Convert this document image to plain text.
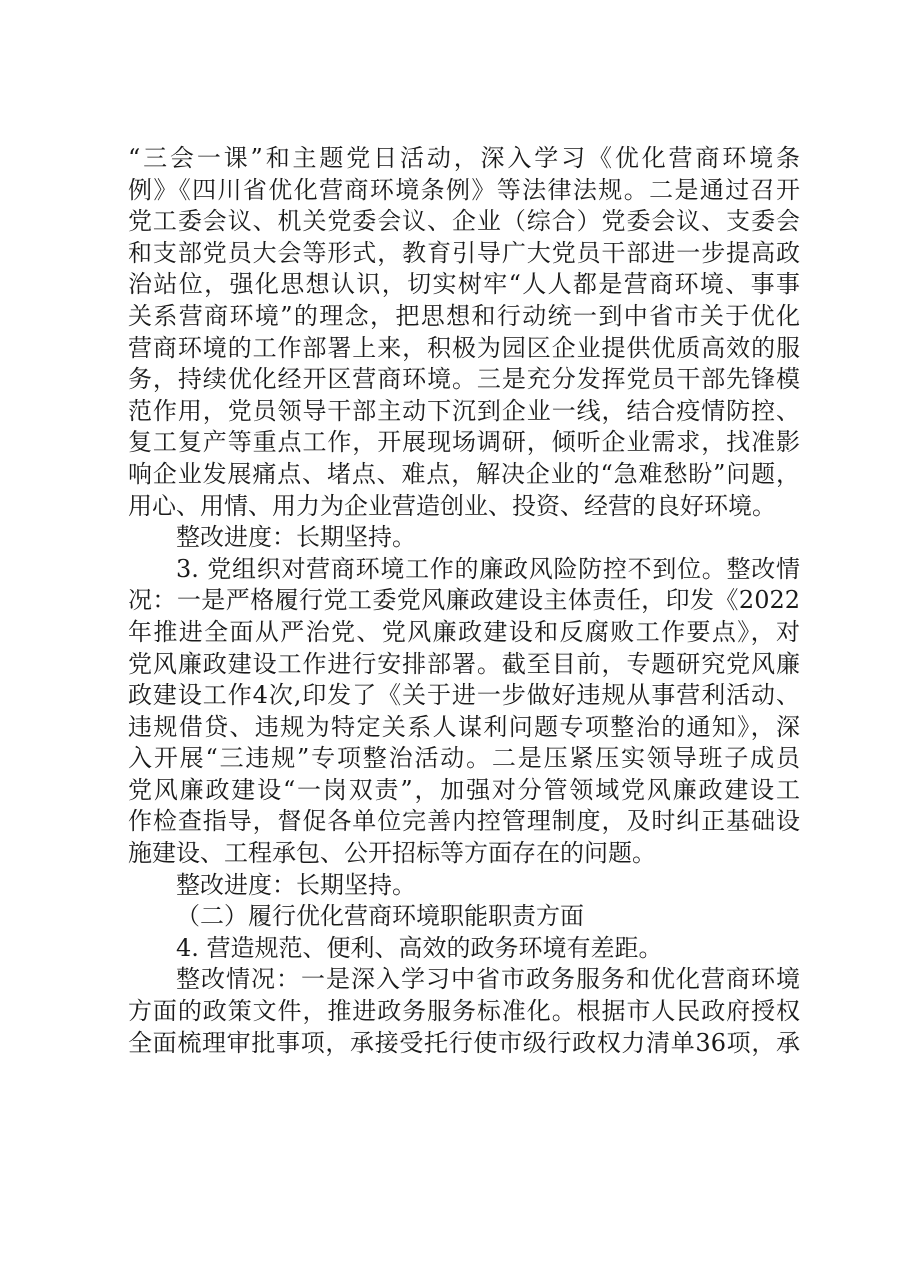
“三会一课”和主题党日活动，深入学习《优化营商环境条
例》《四川省优化营商环境条例》等法律法规。二是通过召开
党工委会议、机关党委会议、企业（综合）党委会议、支委会
和支部党员大会等形式，教育引导广大党员干部进一步提高政
治站位，强化思想认识，切实树牢“人人都是营商环境、事事
关系营商环境”的理念，把思想和行动统一到中省市关于优化
营商环境的工作部署上来，积极为园区企业提供优质高效的服
务，持续优化经开区营商环境。三是充分发挥党员干部先锋模
范作用，党员领导干部主动下沉到企业一线，结合疫情防控、
复工复产等重点工作，开展现场调研，倾听企业需求，找准影
响企业发展痛点、堵点、难点，解决企业的“急难愁盼”问题，
用心、用情、用力为企业营造创业、投资、经营的良好环境。
整改进度：长期坚持。
3. 党组织对营商环境工作的廉政风险防控不到位。整改情
况：一是严格履行党工委党风廉政建设主体责任，印发《2022
年推进全面从严治党、党风廉政建设和反腐败工作要点》，对
党风廉政建设工作进行安排部署。截至目前，专题研究党风廉
政建设工作4次,印发了《关于进一步做好违规从事营利活动、
违规借贷、违规为特定关系人谋利问题专项整治的通知》，深
入开展“三违规”专项整治活动。二是压紧压实领导班子成员
党风廉政建设“一岗双责”，加强对分管领域党风廉政建设工
作检查指导，督促各单位完善内控管理制度，及时纠正基础设
施建设、工程承包、公开招标等方面存在的问题。
整改进度：长期坚持。
（二）履行优化营商环境职能职责方面
4. 营造规范、便利、高效的政务环境有差距。
整改情况：一是深入学习中省市政务服务和优化营商环境
方面的政策文件，推进政务服务标准化。根据市人民政府授权
全面梳理审批事项，承接受托行使市级行政权力清单36项，承
